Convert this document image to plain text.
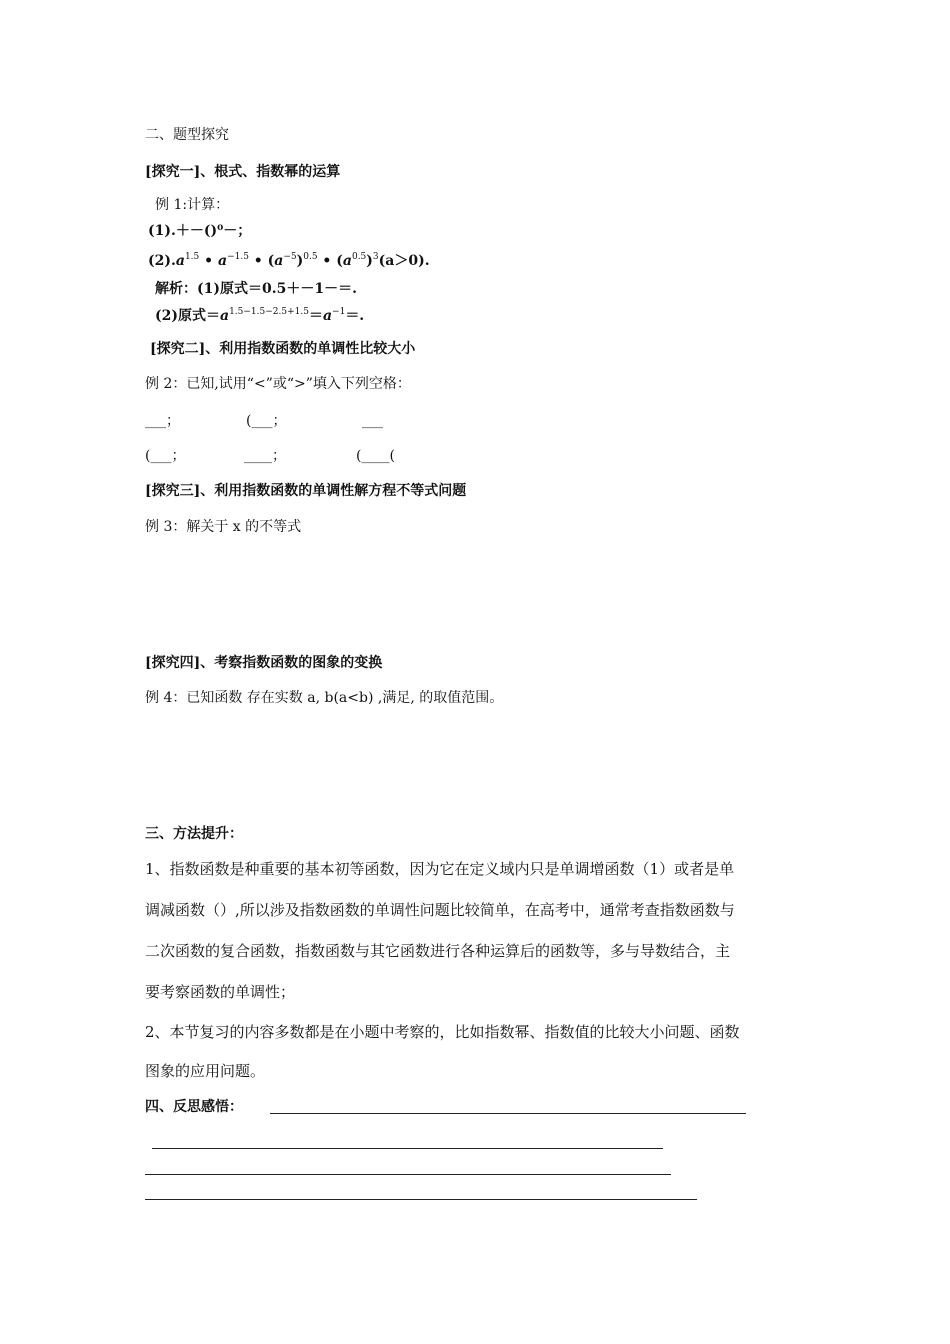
二、题型探究
[探究一]、根式、指数幂的运算
例 1:计算：
(1).＋－()⁰－；
$(2).a^{1.5}$ • $a^{-1.5}$ • $(a^{-5})^{0.5}$ • $(a^{0.5})^3(a>0)$.
解析：(1)原式＝0.5＋－1－＝.
(2)原式$=a^{1.5-1.5-2.5+1.5}=a^{-1}=$.
[探究二]、利用指数函数的单调性比较大小
例 2：已知,试用“<”或“>”填入下列空格：
___；	(___；	___
(___；	____；	(____(
[探究三]、利用指数函数的单调性解方程不等式问题
例 3：解关于 x 的不等式
[探究四]、考察指数函数的图象的变换
例 4：已知函数 存在实数 a, b(a<b) ,满足, 的取值范围。
三、方法提升：
1、指数函数是种重要的基本初等函数，因为它在定义域内只是单调增函数（1）或者是单
调减函数（）,所以涉及指数函数的单调性问题比较简单，在高考中，通常考查指数函数与
二次函数的复合函数，指数函数与其它函数进行各种运算后的函数等，多与导数结合，主
要考察函数的单调性；
2、本节复习的内容多数都是在小题中考察的，比如指数幂、指数值的比较大小问题、函数
图象的应用问题。
四、反思感悟：
